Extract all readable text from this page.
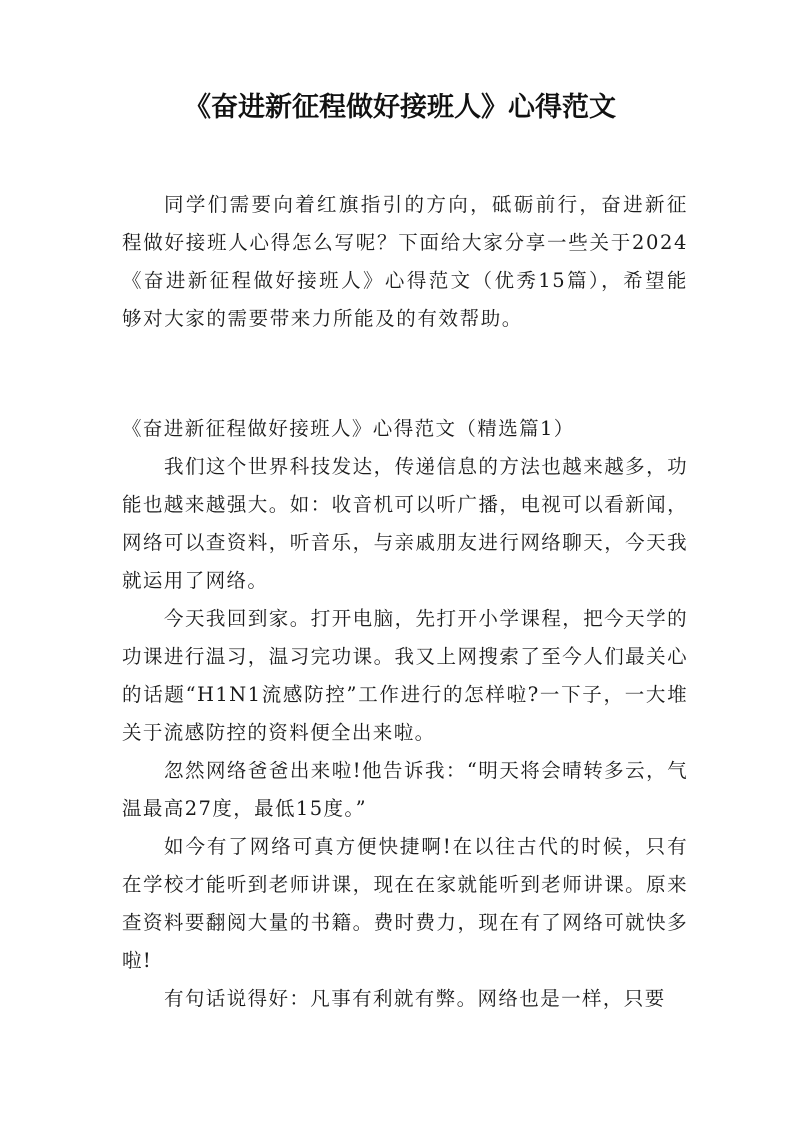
《奋进新征程做好接班人》心得范文

同学们需要向着红旗指引的方向，砥砺前行，奋进新征程做好接班人心得怎么写呢？下面给大家分享一些关于2024《奋进新征程做好接班人》心得范文（优秀15篇），希望能够对大家的需要带来力所能及的有效帮助。

《奋进新征程做好接班人》心得范文（精选篇1）

我们这个世界科技发达，传递信息的方法也越来越多，功能也越来越强大。如：收音机可以听广播，电视可以看新闻，网络可以查资料，听音乐，与亲戚朋友进行网络聊天，今天我就运用了网络。

今天我回到家。打开电脑，先打开小学课程，把今天学的功课进行温习，温习完功课。我又上网搜索了至今人们最关心的话题“H1N1流感防控”工作进行的怎样啦?一下子，一大堆关于流感防控的资料便全出来啦。

忽然网络爸爸出来啦!他告诉我：“明天将会晴转多云，气温最高27度，最低15度。”

如今有了网络可真方便快捷啊!在以往古代的时候，只有在学校才能听到老师讲课，现在在家就能听到老师讲课。原来查资料要翻阅大量的书籍。费时费力，现在有了网络可就快多啦!

有句话说得好：凡事有利就有弊。网络也是一样，只要
